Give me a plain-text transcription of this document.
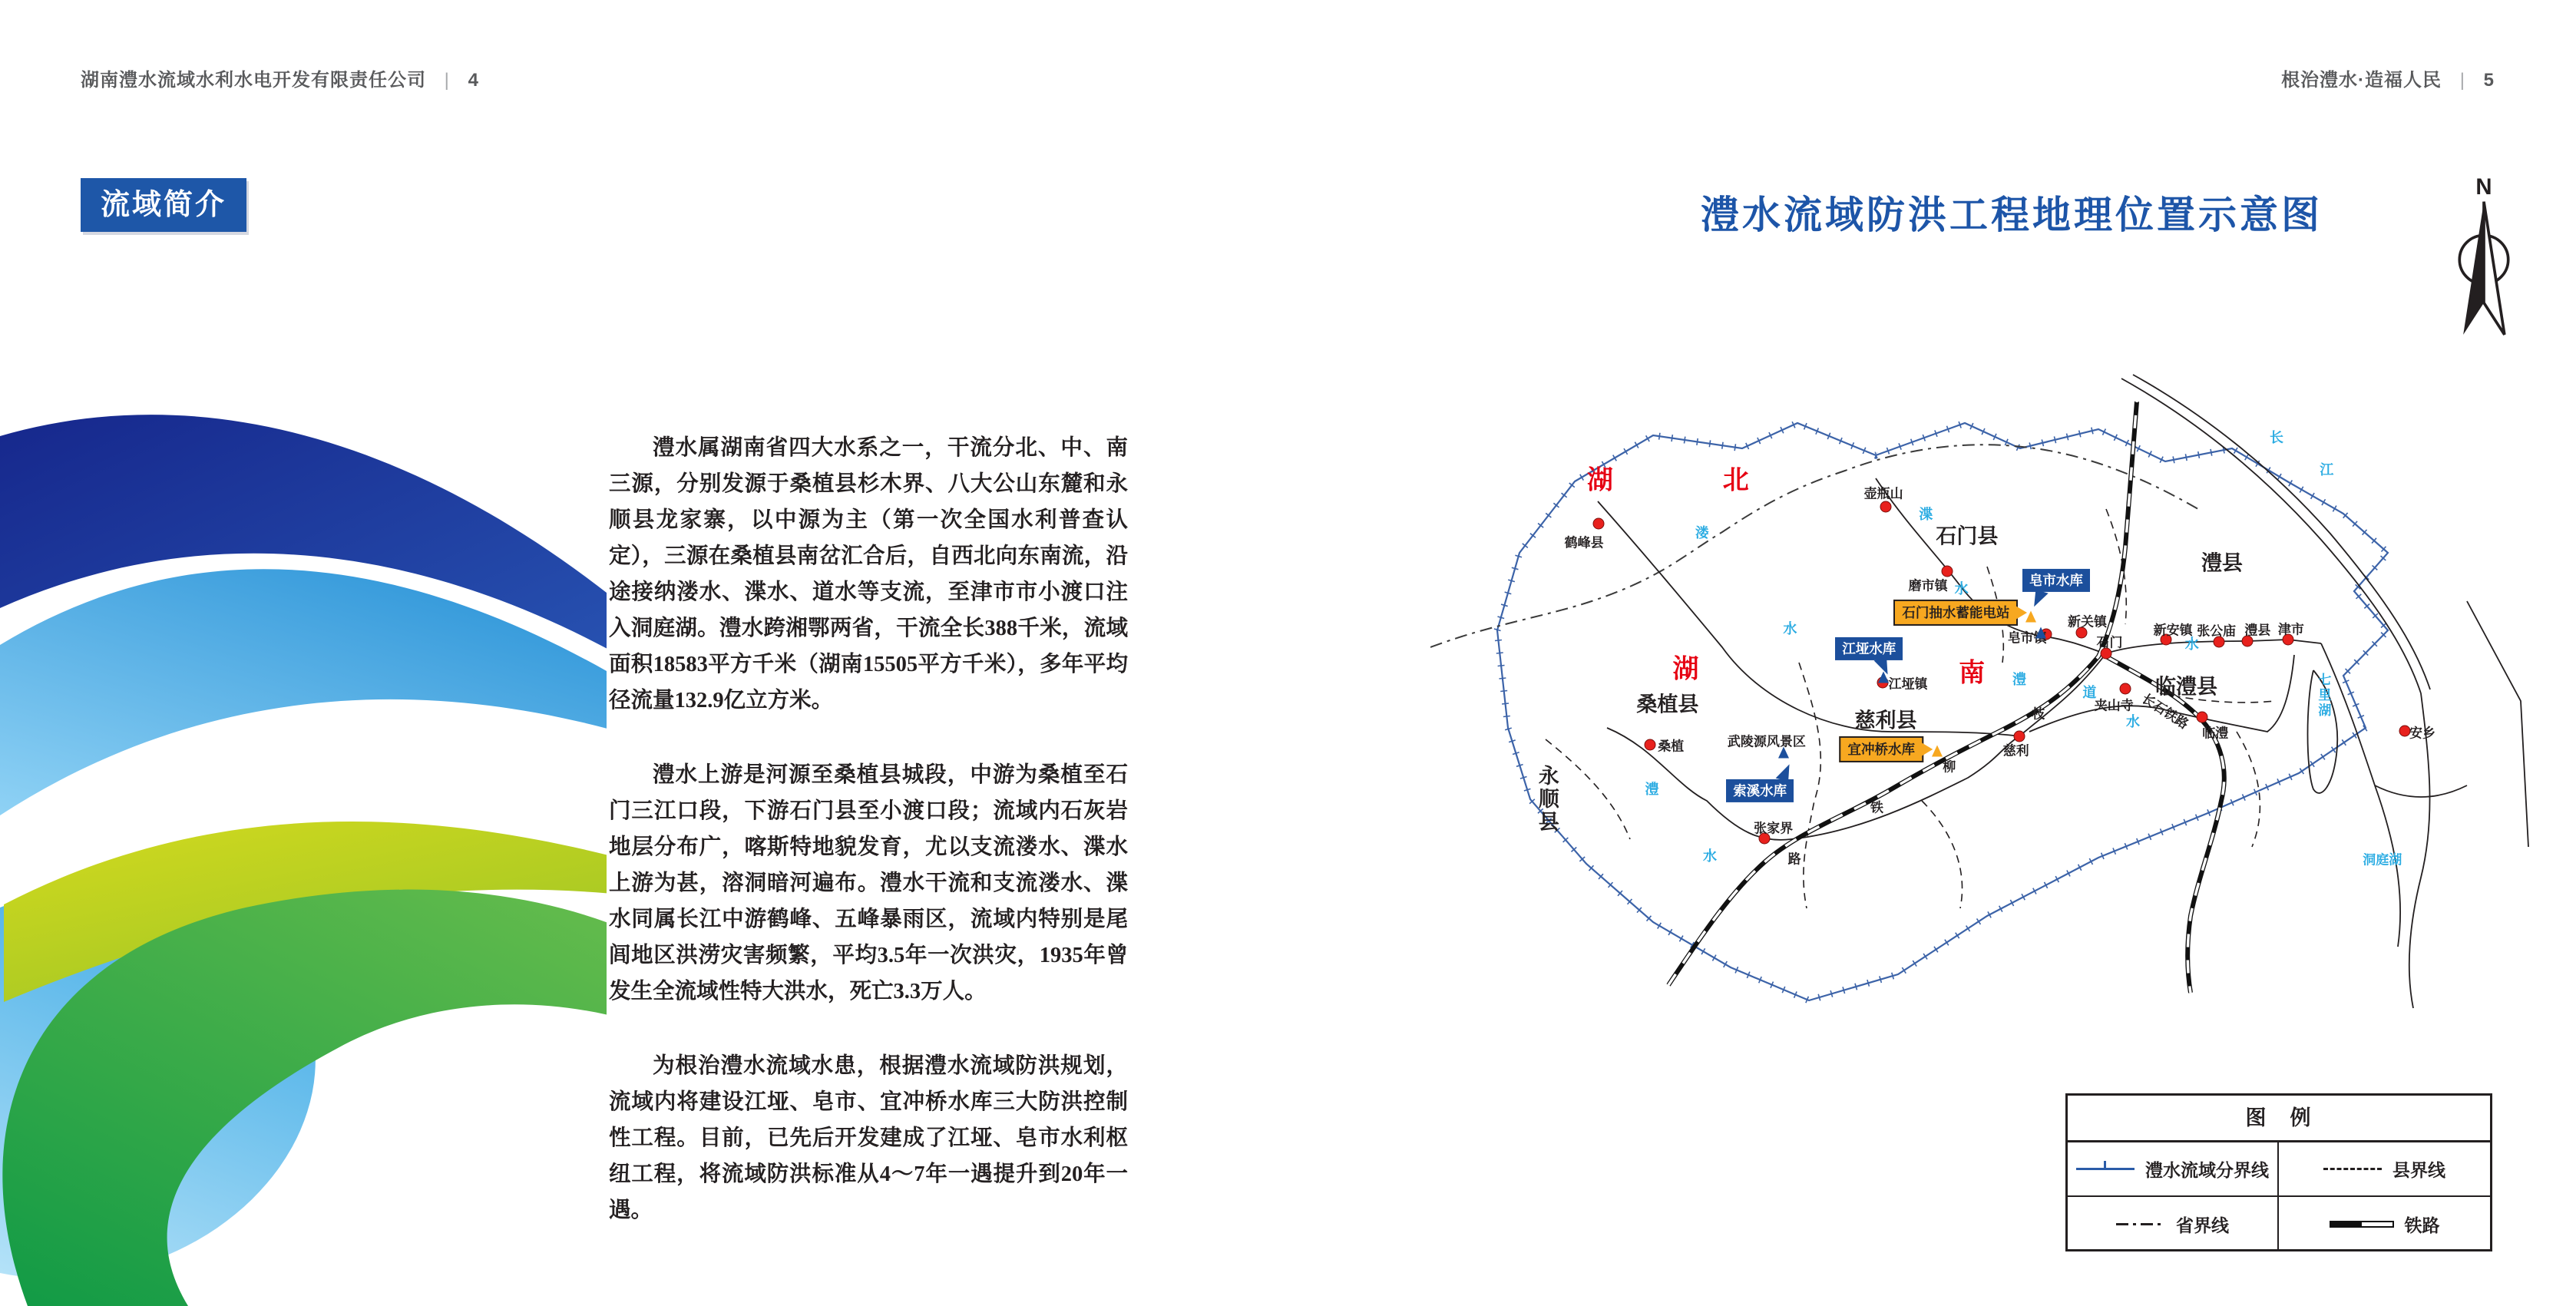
湖南澧水流域水利水电开发有限责任公司 | 4	根治澧水·造福人民 | 5
流域简介

澧水属湖南省四大水系之一，干流分北、中、南三源，分别发源于桑植县杉木界、八大公山东麓和永顺县龙家寨，以中源为主（第一次全国水利普查认定），三源在桑植县南岔汇合后，自西北向东南流，沿途接纳溇水、渫水、道水等支流，至津市市小渡口注入洞庭湖。澧水跨湘鄂两省，干流全长388千米，流域面积18583平方千米（湖南15505平方千米），多年平均径流量132.9亿立方米。

澧水上游是河源至桑植县城段，中游为桑植至石门三江口段，下游石门县至小渡口段；流域内石灰岩地层分布广，喀斯特地貌发育，尤以支流溇水、渫水上游为甚，溶洞暗河遍布。澧水干流和支流溇水、渫水同属长江中游鹤峰、五峰暴雨区，流域内特别是尾闾地区洪涝灾害频繁，平均3.5年一次洪灾，1935年曾发生全流域性特大洪水，死亡3.3万人。

为根治澧水流域水患，根据澧水流域防洪规划，流域内将建设江垭、皂市、宜冲桥水库三大防洪控制性工程。目前，已先后开发建成了江垭、皂市水利枢纽工程，将流域防洪标准从4～7年一遇提升到20年一遇。

澧水流域防洪工程地理位置示意图
N
湖	北
湖	南
石门县
澧县
临澧县
桑植县
慈利县
永顺县
溇
渫
水
水
长
江
水
澧
道
水
澧
水
七里湖
洞庭湖
枝
柳
铁
路
长石铁路
武陵源风景区
鹤峰县
壶瓶山
磨市镇
皂市镇
新关镇
石门
新安镇 张公庙 澧县 津市
江垭镇
夹山寺
临澧
慈利
桑植
张家界
安乡
皂市水库
江垭水库
索溪水库
石门抽水蓄能电站
宜冲桥水库
图　例
澧水流域分界线	县界线
省界线	铁路
